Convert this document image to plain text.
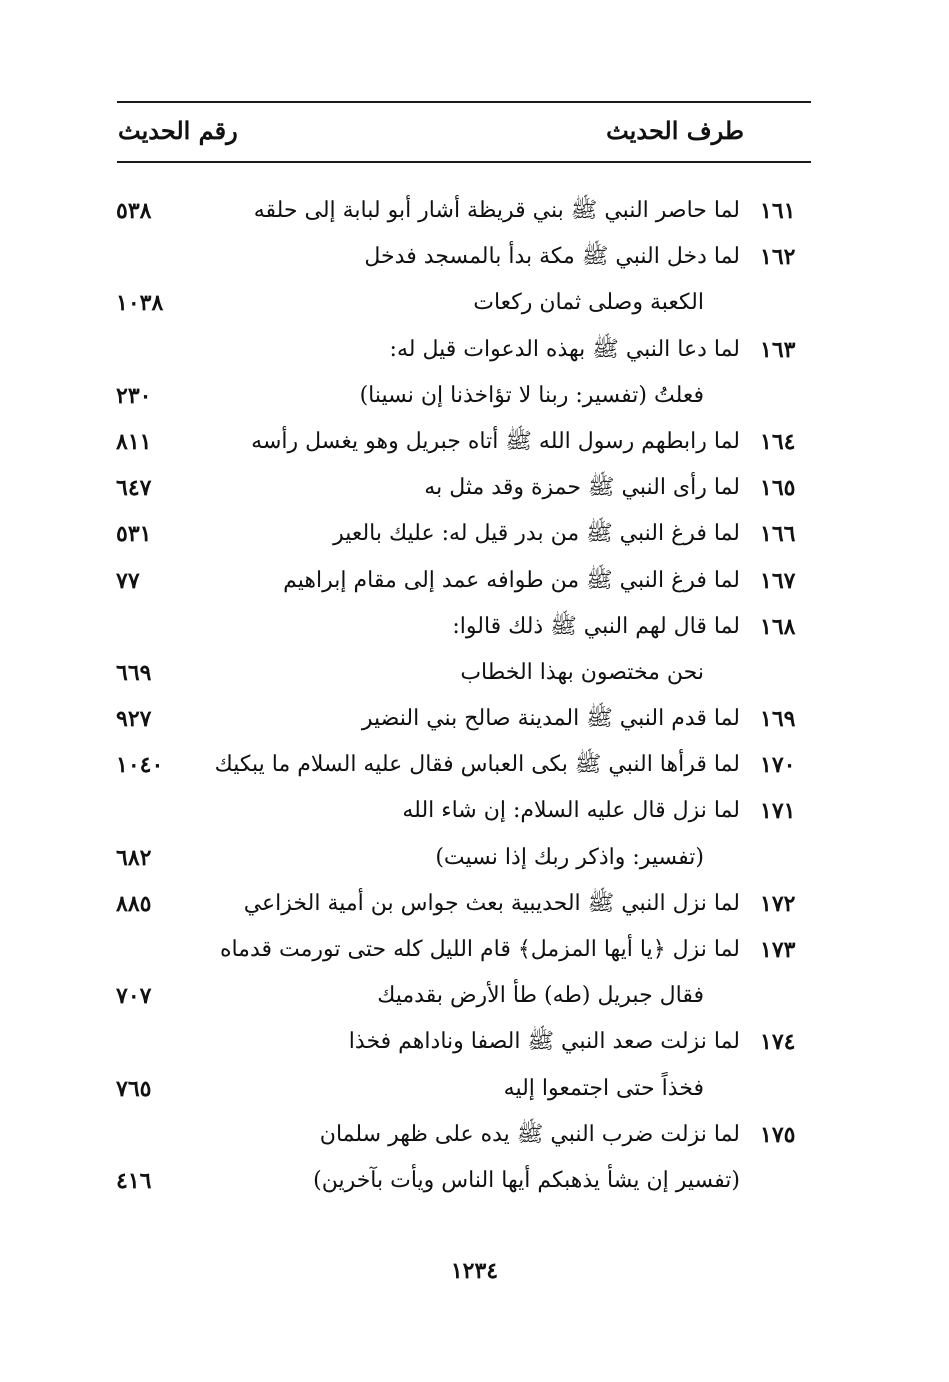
طرف الحديث
رقم الحديث
١٦١
لما حاصر النبي ﷺ بني قريظة أشار أبو لبابة إلى حلقه
٥٣٨
١٦٢
لما دخل النبي ﷺ مكة بدأ بالمسجد فدخل
الكعبة وصلى ثمان ركعات
١٠٣٨
١٦٣
لما دعا النبي ﷺ بهذه الدعوات قيل له:
فعلتُ (تفسير: ربنا لا تؤاخذنا إن نسينا)
٢٣٠
١٦٤
لما رابطهم رسول الله ﷺ أتاه جبريل وهو يغسل رأسه
٨١١
١٦٥
لما رأى النبي ﷺ حمزة وقد مثل به
٦٤٧
١٦٦
لما فرغ النبي ﷺ من بدر قيل له: عليك بالعير
٥٣١
١٦٧
لما فرغ النبي ﷺ من طوافه عمد إلى مقام إبراهيم
٧٧
١٦٨
لما قال لهم النبي ﷺ ذلك قالوا:
نحن مختصون بهذا الخطاب
٦٦٩
١٦٩
لما قدم النبي ﷺ المدينة صالح بني النضير
٩٢٧
١٧٠
لما قرأها النبي ﷺ بكى العباس فقال عليه السلام ما يبكيك
١٠٤٠
١٧١
لما نزل قال عليه السلام: إن شاء الله
(تفسير: واذكر ربك إذا نسيت)
٦٨٢
١٧٢
لما نزل النبي ﷺ الحديبية بعث جواس بن أمية الخزاعي
٨٨٥
١٧٣
لما نزل ﴿يا أيها المزمل﴾ قام الليل كله حتى تورمت قدماه
فقال جبريل (طه) طأ الأرض بقدميك
٧٠٧
١٧٤
لما نزلت صعد النبي ﷺ الصفا وناداهم فخذا
فخذاً حتى اجتمعوا إليه
٧٦٥
١٧٥
لما نزلت ضرب النبي ﷺ يده على ظهر سلمان
(تفسير إن يشأ يذهبكم أيها الناس ويأت بآخرين)
٤١٦
١٢٣٤
